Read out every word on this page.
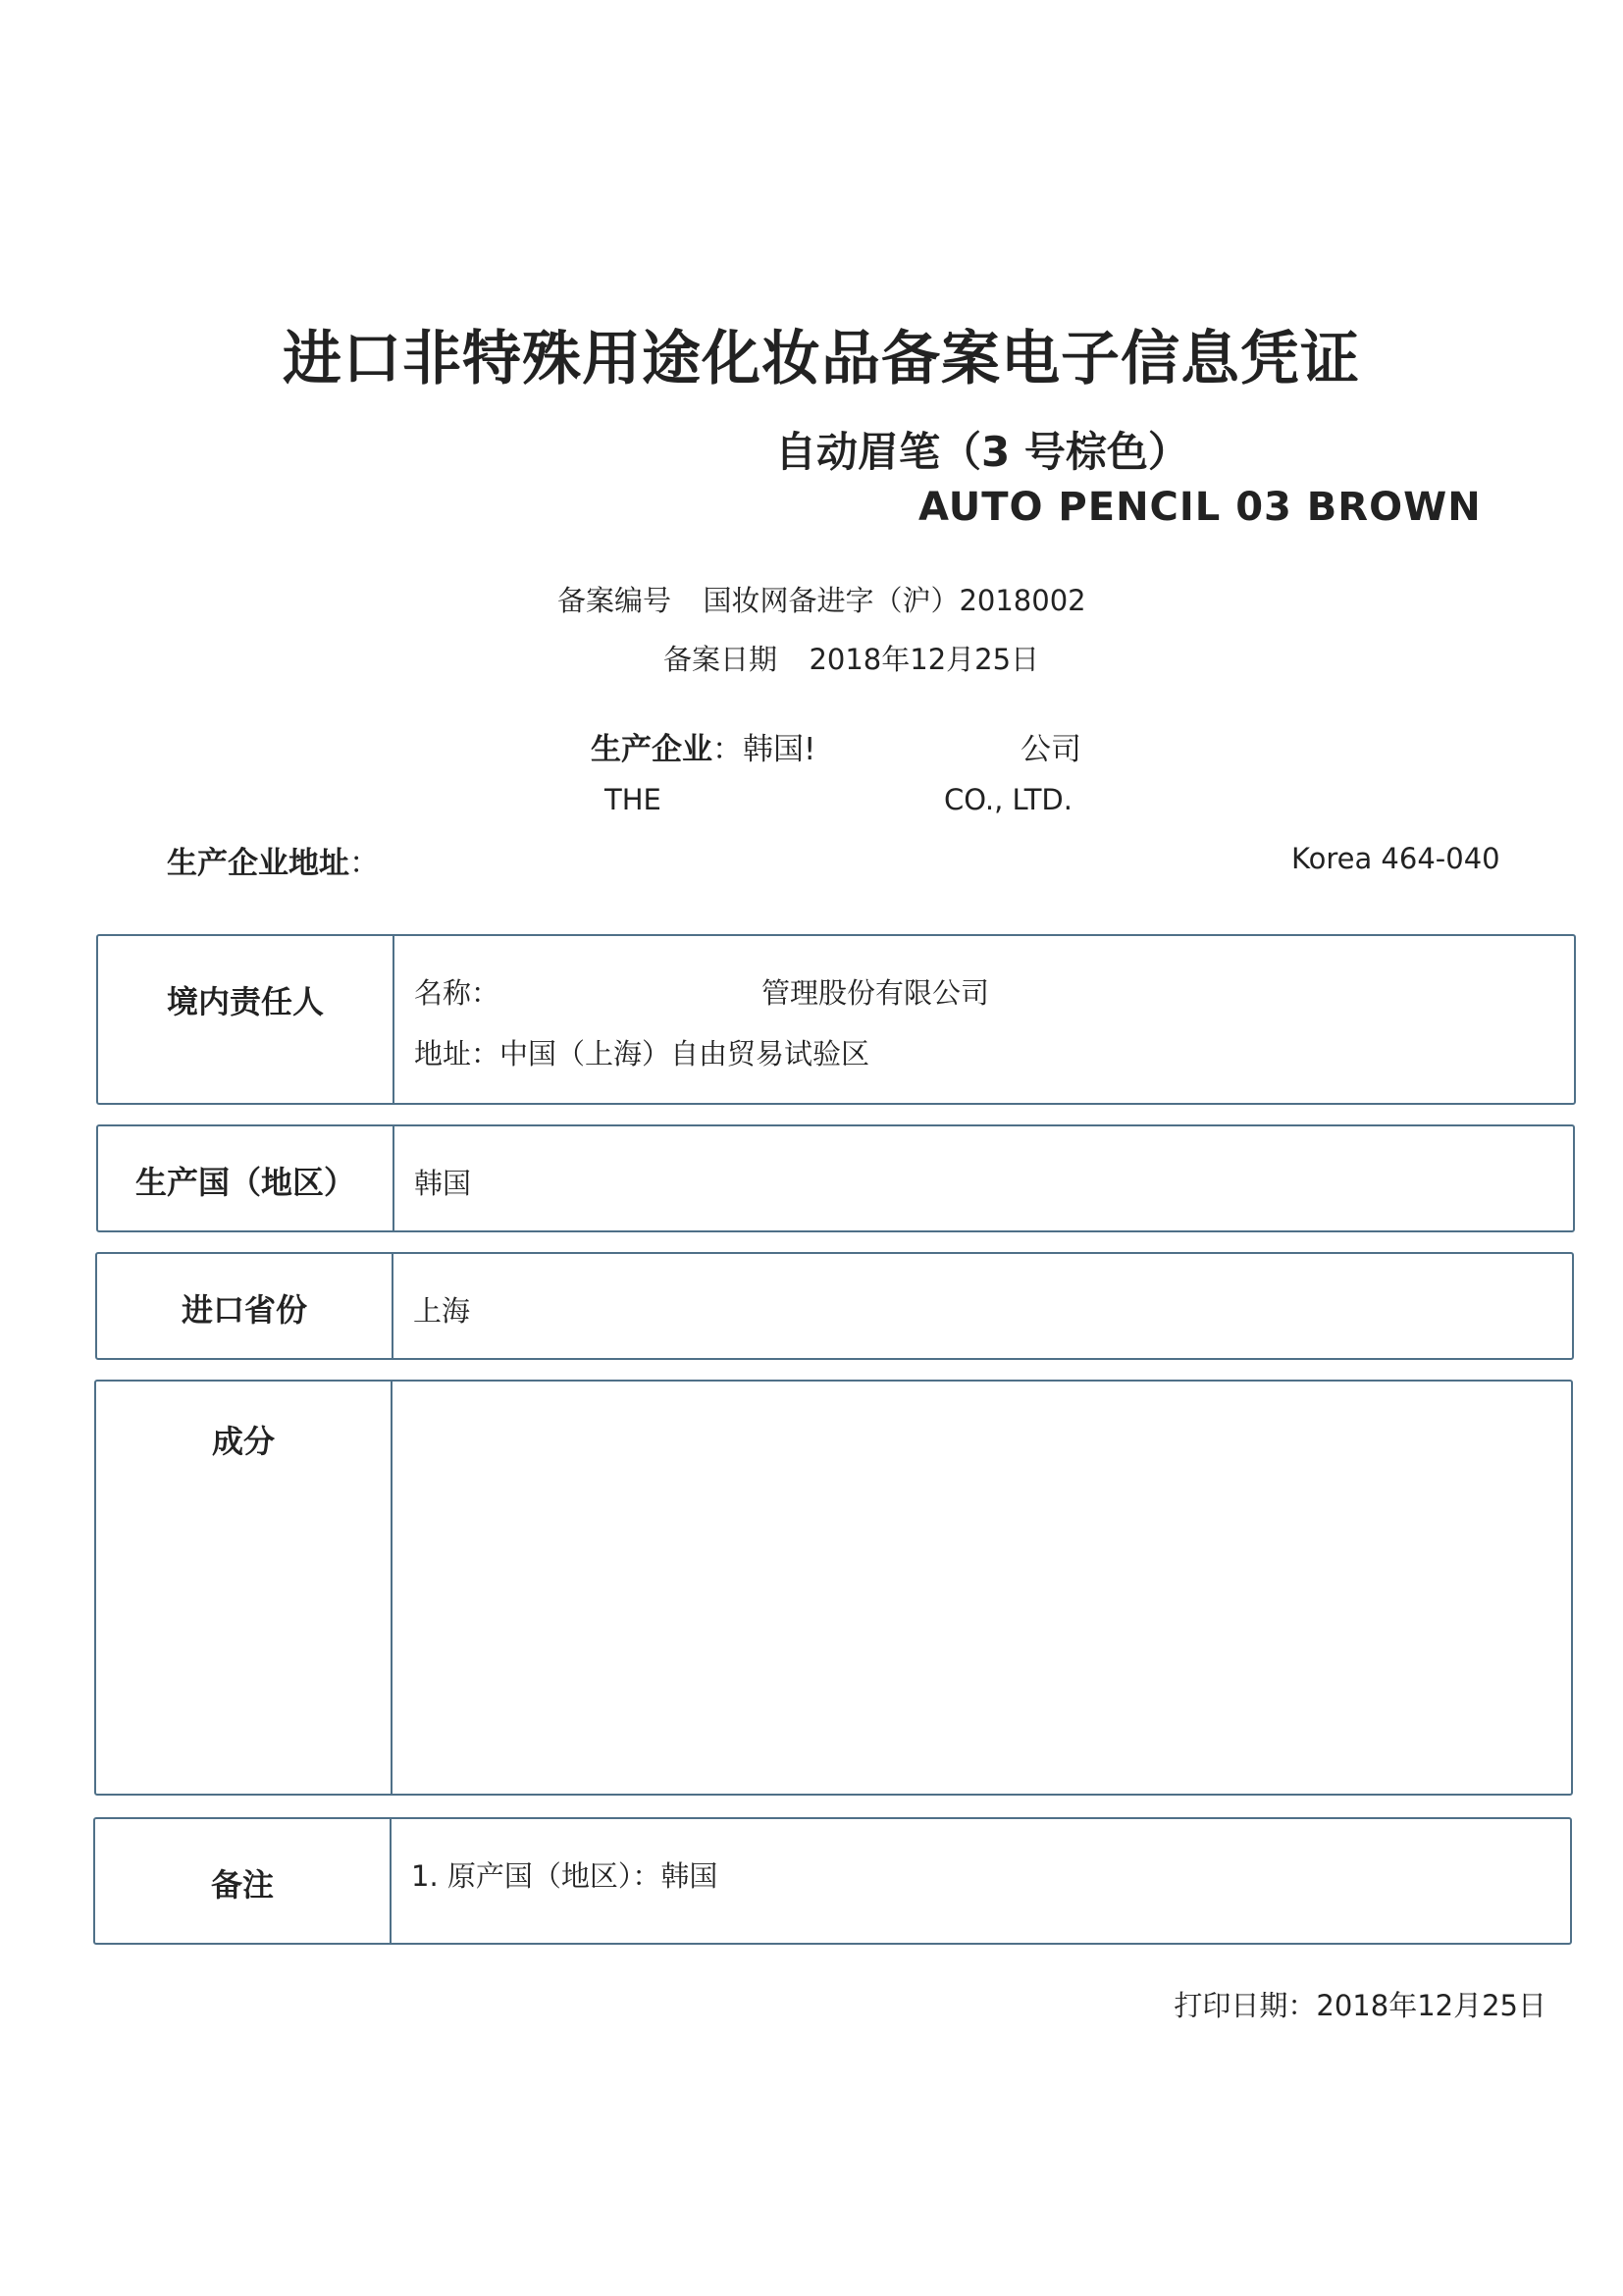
进口非特殊用途化妆品备案电子信息凭证
自动眉笔（3 号棕色）
AUTO PENCIL 03 BROWN
备案编号 国妆网备进字（沪）2018002
备案日期 2018年12月25日
生产企业：韩国!	公司
THE	CO., LTD.
生产企业地址：	Korea 464-040
境内责任人	名称：	管理股份有限公司
地址：中国（上海）自由贸易试验区
生产国（地区）	韩国
进口省份	上海
成分
备注	1. 原产国（地区）：韩国
打印日期：2018年12月25日
